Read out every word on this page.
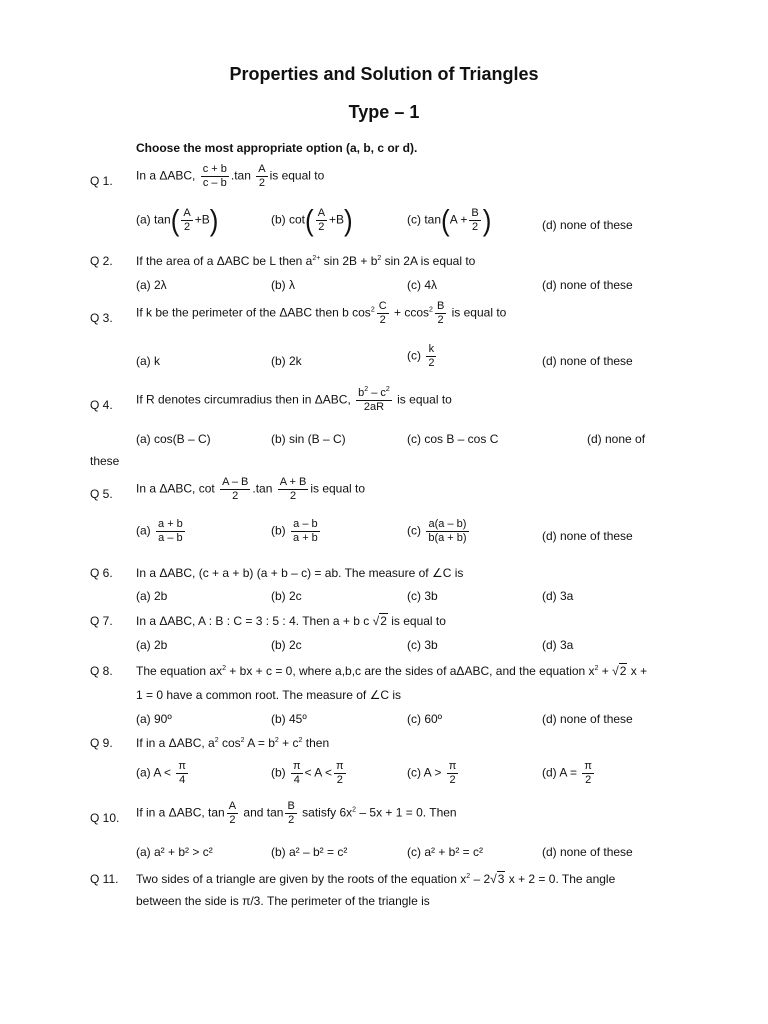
Properties and Solution of Triangles
Type – 1
Choose the most appropriate option (a, b, c or d).
Q 1. In a ΔABC, $\frac{c + b}{c - b} .\tan \frac{A}{2}$ is equal to
(a) $\tan( \frac{A}{2} +B)$	(b) $\cot( \frac{A}{2} +B)$	(c) $\tan(A + \frac{B}{2}$ )	(d) none of these
Q 2. If the area of a ΔABC be L then $a^{2+}$ $\sin 2B + b^2$ sin 2A is equal to
(a) 2λ	(b) λ	(c) 4λ	(d) none of these
Q 3. If k be the perimeter of the ΔABC then b $\cos^2 \frac{C}{2} + ccos^2 \frac{B}{2}$ is equal to
(a) k	(b) 2k	$(c) \frac{k}{2}$	(d) none of these
Q 4. If R denotes circumradius then in ΔABC, $\frac{b^2 - c^2}{2aR}$ is equal to
(a) cos(B – C)	(b) sin (B – C)	(c) cos B – cos C	(d) none of
these
Q 5. In a ΔABC, $\cot \frac{A - B}{2} .\tan \frac{A + B}{2}$ is equal to
$(a) \frac{a + b}{a - b}$	$(b) \frac{a - b}{a + b}$	$(c) \frac{a(a - b)}{b(a + b)}$	(d) none of these
Q 6. In a ΔABC, (c + a + b) (a + b – c) = ab. The measure of ∠C is
(a) 2b	(b) 2c	(c) 3b	(d) 3a
Q 7. In a ΔABC, A : B : C = 3 : 5 : 4. Then a + b c √2 is equal to
(a) 2b	(b) 2c	(c) 3b	(d) 3a
Q 8. The equation $ax^2$ + bx + c = 0, where a,b,c are the sides of aΔABC, and the equation $x^2 + √2$ x +
1 = 0 have a common root. The measure of ∠C is
(a) 90º	(b) 45º	(c) 60º	(d) none of these
Q 9. If in a ΔABC, $a^2$ $\cos^2 A = b^2 + c^2$ then
(a) $A < \frac{\pi}{4}$	$(b) \frac{\pi}{4} < A < \frac{\pi}{2}$	(c) $A > \frac{\pi}{2}$	(d) $A = \frac{\pi}{2}$
Q 10. If in a ΔABC, $\tan \frac{A}{2}$ and $\tan \frac{B}{2}$ satisfy $6x^2 - 5x + 1 = 0$. Then
(a) a² + b² > c²	(b) a² – b² = c²	(c) a² + b² = c²	(d) none of these
Q 11. Two sides of a triangle are given by the roots of the equation $x^2 - 2√3$ x + 2 = 0. The angle
between the side is π/3. The perimeter of the triangle is
